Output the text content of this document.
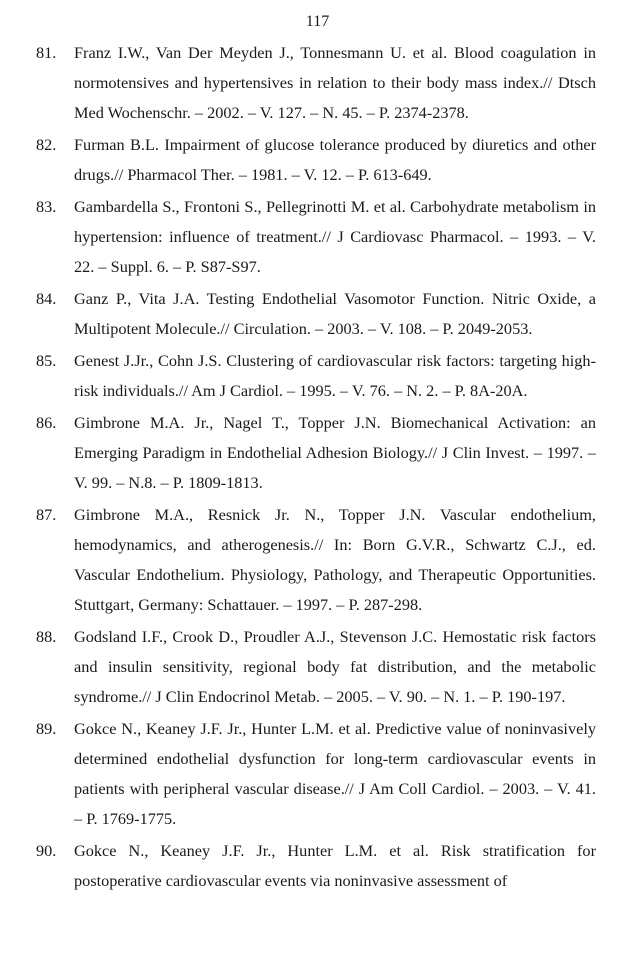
117
81.	Franz I.W., Van Der Meyden J., Tonnesmann U. et al. Blood coagulation in normotensives and hypertensives in relation to their body mass index.// Dtsch Med Wochenschr. – 2002. – V. 127. – N. 45. – P. 2374-2378.
82.	Furman B.L. Impairment of glucose tolerance produced by diuretics and other drugs.// Pharmacol Ther. – 1981. – V. 12. – P. 613-649.
83.	Gambardella S., Frontoni S., Pellegrinotti M. et al. Carbohydrate metabolism in hypertension: influence of treatment.// J Cardiovasc Pharmacol. – 1993. – V. 22. – Suppl. 6. – P. S87-S97.
84.	Ganz P., Vita J.A. Testing Endothelial Vasomotor Function. Nitric Oxide, a Multipotent Molecule.// Circulation. – 2003. – V. 108. – P. 2049-2053.
85.	Genest J.Jr., Cohn J.S. Clustering of cardiovascular risk factors: targeting high-risk individuals.// Am J Cardiol. – 1995. – V. 76. – N. 2. – P. 8A-20A.
86.	Gimbrone M.A. Jr., Nagel T., Topper J.N. Biomechanical Activation: an Emerging Paradigm in Endothelial Adhesion Biology.// J Clin Invest. – 1997. – V. 99. – N.8. – P. 1809-1813.
87.	Gimbrone M.A., Resnick Jr. N., Topper J.N. Vascular endothelium, hemodynamics, and atherogenesis.// In: Born G.V.R., Schwartz C.J., ed. Vascular Endothelium. Physiology, Pathology, and Therapeutic Opportunities. Stuttgart, Germany: Schattauer. – 1997. – P. 287-298.
88.	Godsland I.F., Crook D., Proudler A.J., Stevenson J.C. Hemostatic risk factors and insulin sensitivity, regional body fat distribution, and the metabolic syndrome.// J Clin Endocrinol Metab. – 2005. – V. 90. – N. 1. – P. 190-197.
89.	Gokce N., Keaney J.F. Jr., Hunter L.M. et al. Predictive value of noninvasively determined endothelial dysfunction for long-term cardiovascular events in patients with peripheral vascular disease.// J Am Coll Cardiol. – 2003. – V. 41. – P. 1769-1775.
90.	Gokce N., Keaney J.F. Jr., Hunter L.M. et al. Risk stratification for postoperative cardiovascular events via noninvasive assessment of
